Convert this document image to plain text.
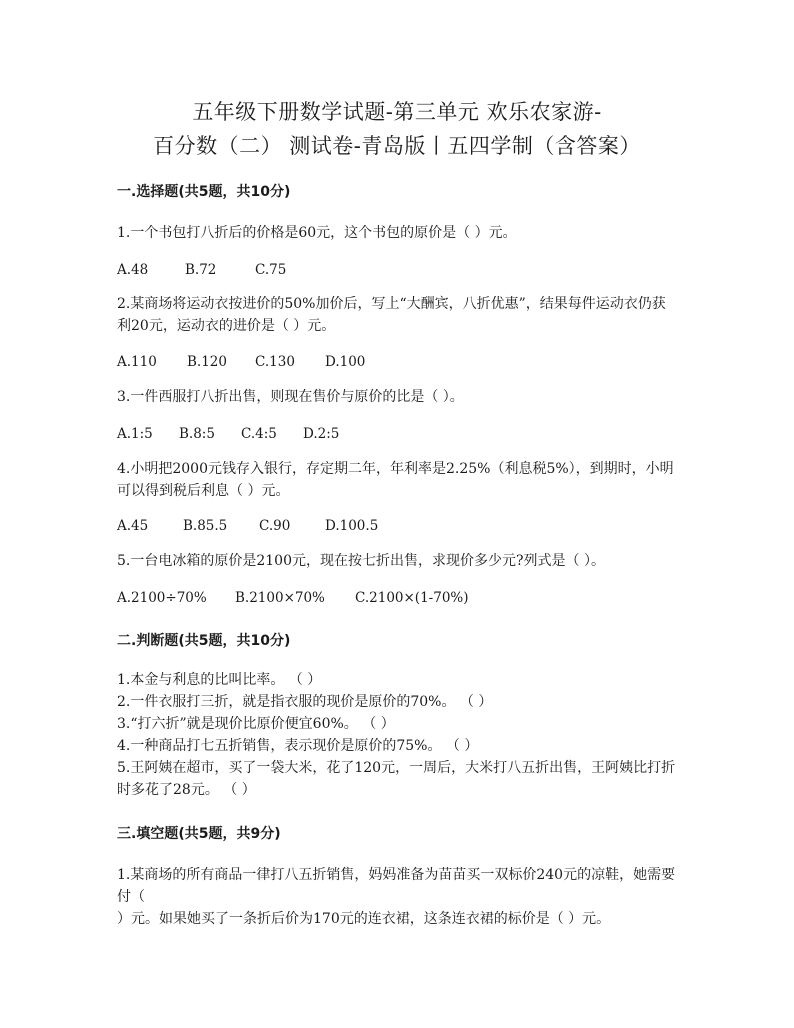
五年级下册数学试题-第三单元 欢乐农家游-
百分数（二） 测试卷-青岛版丨五四学制（含答案）
一.选择题(共5题，共10分)
1.一个书包打八折后的价格是60元，这个书包的原价是（ ）元。
A.48	B.72	C.75
2.某商场将运动衣按进价的50%加价后，写上“大酬宾，八折优惠”，结果每件运动衣仍获利20元，运动衣的进价是（ ）元。
A.110 B.120 C.130 D.100
3.一件西服打八折出售，则现在售价与原价的比是（ ）。
A.1:5 B.8:5 C.4:5 D.2:5
4.小明把2000元钱存入银行，存定期二年，年利率是2.25%（利息税5%），到期时，小明可以得到税后利息（ ）元。
A.45	B.85.5 C.90	D.100.5
5.一台电冰箱的原价是2100元，现在按七折出售，求现价多少元?列式是（ ）。
A.2100÷70% B.2100×70% C.2100×(1-70%)
二.判断题(共5题，共10分)
1.本金与利息的比叫比率。 （ ）
2.一件衣服打三折，就是指衣服的现价是原价的70%。 （ ）
3.“打六折”就是现价比原价便宜60%。 （ ）
4.一种商品打七五折销售，表示现价是原价的75%。 （ ）
5.王阿姨在超市，买了一袋大米，花了120元，一周后，大米打八五折出售，王阿姨比打折时多花了28元。 （ ）
三.填空题(共5题，共9分)
1.某商场的所有商品一律打八五折销售，妈妈准备为苗苗买一双标价240元的凉鞋，她需要付（
）元。如果她买了一条折后价为170元的连衣裙，这条连衣裙的标价是（ ）元。
